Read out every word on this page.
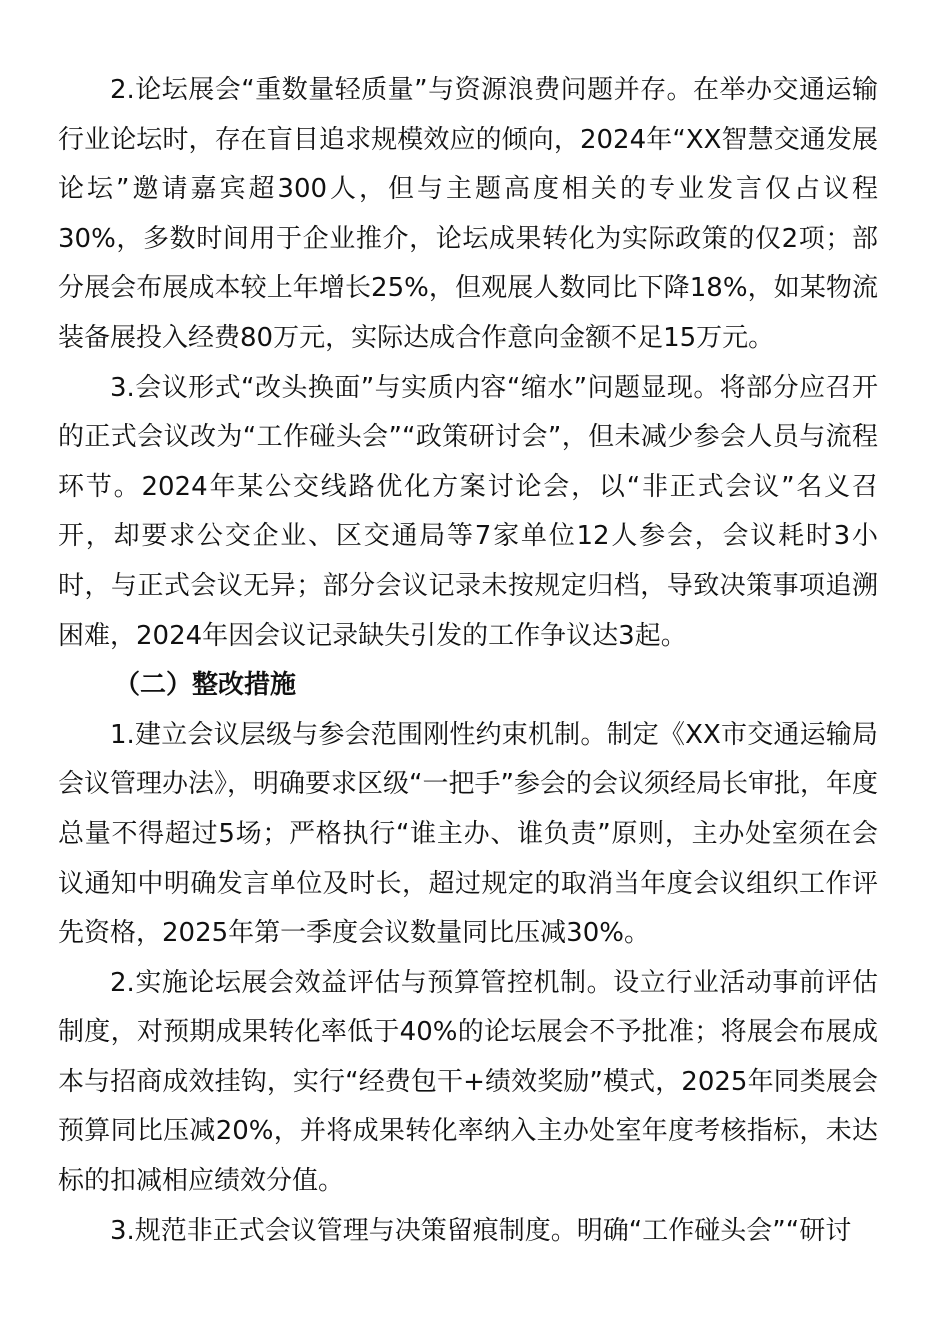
2.论坛展会“重数量轻质量”与资源浪费问题并存。在举办交通运输行业论坛时，存在盲目追求规模效应的倾向，2024年“XX智慧交通发展论坛”邀请嘉宾超300人，但与主题高度相关的专业发言仅占议程30%，多数时间用于企业推介，论坛成果转化为实际政策的仅2项；部分展会布展成本较上年增长25%，但观展人数同比下降18%，如某物流装备展投入经费80万元，实际达成合作意向金额不足15万元。

3.会议形式“改头换面”与实质内容“缩水”问题显现。将部分应召开的正式会议改为“工作碰头会”“政策研讨会”，但未减少参会人员与流程环节。2024年某公交线路优化方案讨论会，以“非正式会议”名义召开，却要求公交企业、区交通局等7家单位12人参会，会议耗时3小时，与正式会议无异；部分会议记录未按规定归档，导致决策事项追溯困难，2024年因会议记录缺失引发的工作争议达3起。

（二）整改措施

1.建立会议层级与参会范围刚性约束机制。制定《XX市交通运输局会议管理办法》，明确要求区级“一把手”参会的会议须经局长审批，年度总量不得超过5场；严格执行“谁主办、谁负责”原则，主办处室须在会议通知中明确发言单位及时长，超过规定的取消当年度会议组织工作评先资格，2025年第一季度会议数量同比压减30%。

2.实施论坛展会效益评估与预算管控机制。设立行业活动事前评估制度，对预期成果转化率低于40%的论坛展会不予批准；将展会布展成本与招商成效挂钩，实行“经费包干+绩效奖励”模式，2025年同类展会预算同比压减20%，并将成果转化率纳入主办处室年度考核指标，未达标的扣减相应绩效分值。

3.规范非正式会议管理与决策留痕制度。明确“工作碰头会”“研讨
